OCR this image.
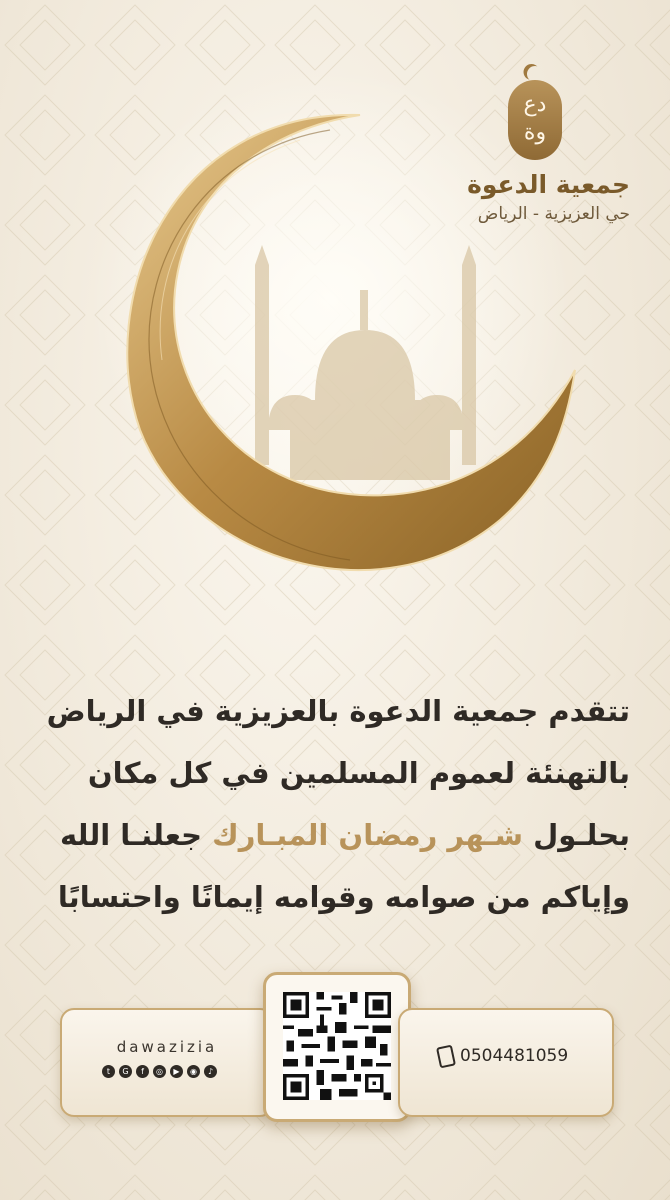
دع
وة
جمعية الدعوة
حي العزيزية - الرياض
تتقدم جمعية الدعوة بالعزيزية في الرياض
بالتهنئة لعموم المسلمين في كل مكان
بحلـول شـهر رمضان المبـارك جعلنـا الله
وإياكم من صوامه وقوامه إيمانًا واحتسابًا
dawazizia
t	G	f	◎	▶	◉	♪
0504481059
